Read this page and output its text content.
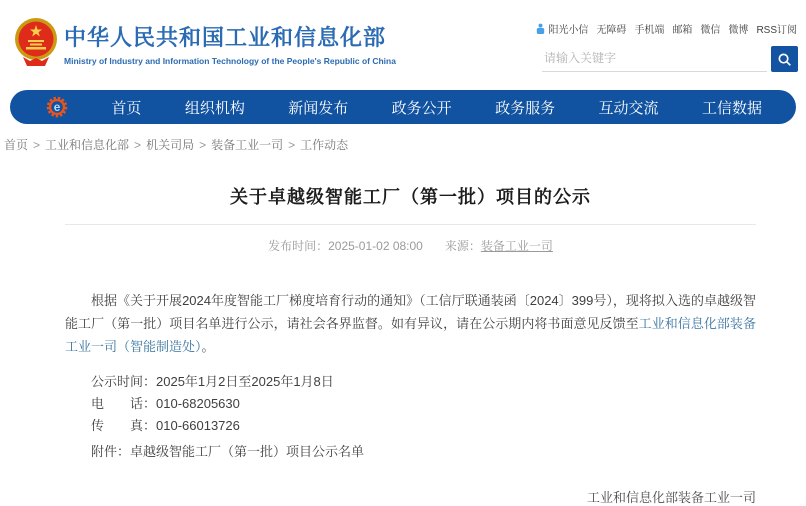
中华人民共和国工业和信息化部
Ministry of Industry and Information Technology of the People's Republic of China
阳光小信 无障碍 手机端 邮箱 微信 微博 RSS订阅
请输入关键字
e	首页	组织机构	新闻发布	政务公开	政务服务	互动交流	工信数据
首页 > 工业和信息化部 > 机关司局 > 装备工业一司 > 工作动态
关于卓越级智能工厂（第一批）项目的公示
发布时间：2025-01-02 08:00 来源：装备工业一司

根据《关于开展2024年度智能工厂梯度培育行动的通知》（工信厅联通装函〔2024〕399号），现将拟入选的卓越级智能工厂（第一批）项目名单进行公示，请社会各界监督。如有异议，请在公示期内将书面意见反馈至工业和信息化部装备工业一司（智能制造处）。

公示时间：2025年1月2日至2025年1月8日
电　　话：010-68205630
传　　真：010-66013726
附件：卓越级智能工厂（第一批）项目公示名单
工业和信息化部装备工业一司
